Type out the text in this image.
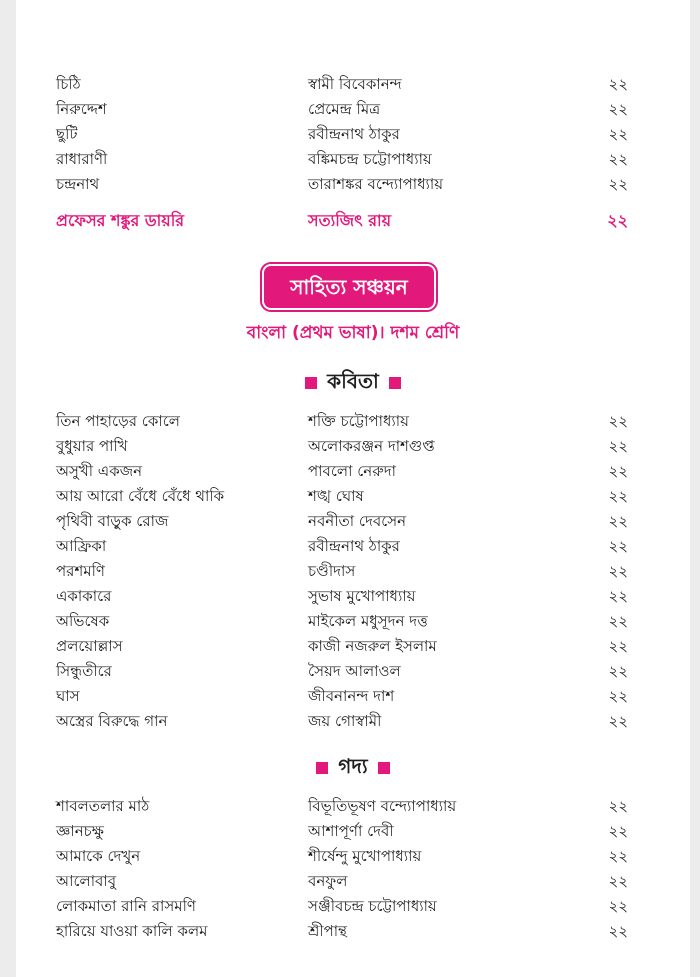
চিঠি	স্বামী বিবেকানন্দ	২২
নিরুদ্দেশ	প্রেমেন্দ্র মিত্র	২২
ছুটি	রবীন্দ্রনাথ ঠাকুর	২২
রাধারাণী	বঙ্কিমচন্দ্র চট্টোপাধ্যায়	২২
চন্দ্রনাথ	তারাশঙ্কর বন্দ্যোপাধ্যায়	২২
প্রফেসর শঙ্কুর ডায়রি	সত্যজিৎ রায়	২২
সাহিত্য সঞ্চয়ন
বাংলা (প্রথম ভাষা)। দশম শ্রেণি
কবিতা
তিন পাহাড়ের কোলে	শক্তি চট্টোপাধ্যায়	২২
বুধুয়ার পাখি	অলোকরঞ্জন দাশগুপ্ত	২২
অসুখী একজন	পাবলো নেরুদা	২২
আয় আরো বেঁধে বেঁধে থাকি	শঙ্খ ঘোষ	২২
পৃথিবী বাড়ুক রোজ	নবনীতা দেবসেন	২২
আফ্রিকা	রবীন্দ্রনাথ ঠাকুর	২২
পরশমণি	চণ্ডীদাস	২২
একাকারে	সুভাষ মুখোপাধ্যায়	২২
অভিষেক	মাইকেল মধুসূদন দত্ত	২২
প্রলয়োল্লাস	কাজী নজরুল ইসলাম	২২
সিন্ধুতীরে	সৈয়দ আলাওল	২২
ঘাস	জীবনানন্দ দাশ	২২
অস্ত্রের বিরুদ্ধে গান	জয় গোস্বামী	২২
গদ্য
শাবলতলার মাঠ	বিভূতিভূষণ বন্দ্যোপাধ্যায়	২২
জ্ঞানচক্ষু	আশাপূর্ণা দেবী	২২
আমাকে দেখুন	শীর্ষেন্দু মুখোপাধ্যায়	২২
আলোবাবু	বনফুল	২২
লোকমাতা রানি রাসমণি	সঞ্জীবচন্দ্র চট্টোপাধ্যায়	২২
হারিয়ে যাওয়া কালি কলম	শ্রীপান্থ	২২
